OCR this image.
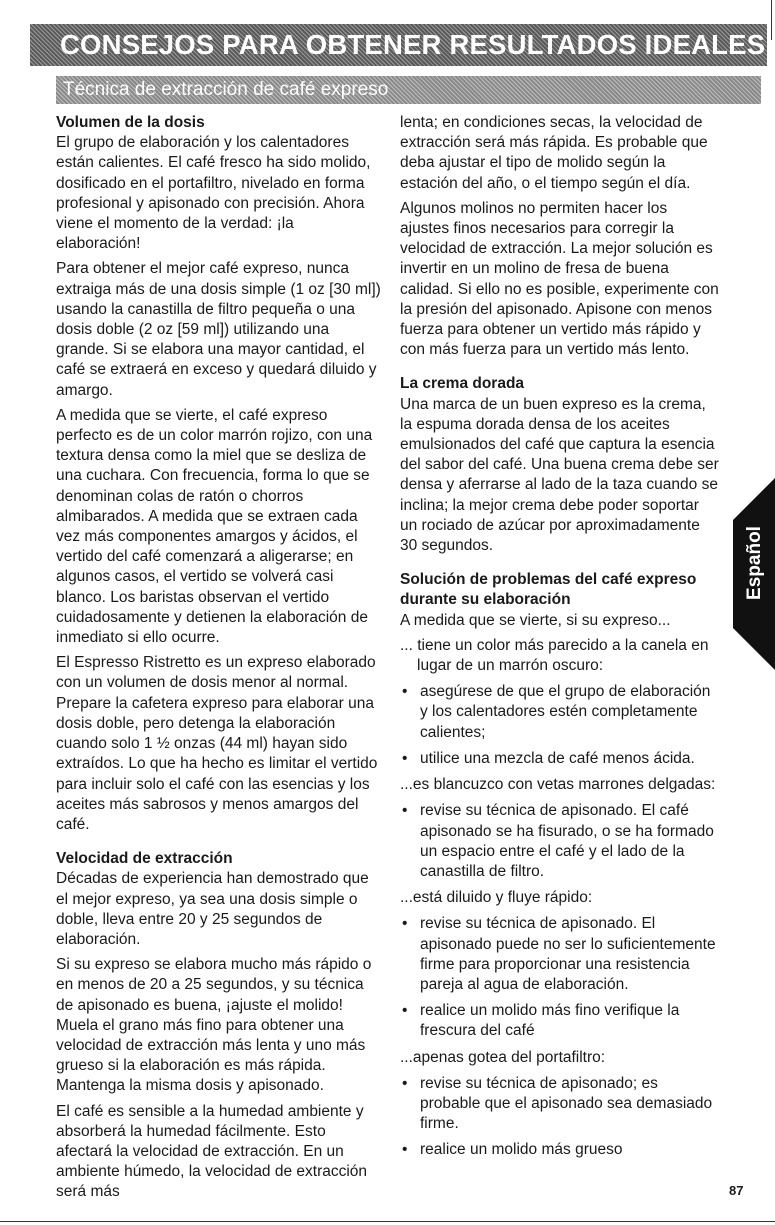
CONSEJOS PARA OBTENER RESULTADOS IDEALES
Técnica de extracción de café expreso
Volumen de la dosis

El grupo de elaboración y los calentadores están calientes. El café fresco ha sido molido, dosificado en el portafiltro, nivelado en forma profesional y apisonado con precisión. Ahora viene el momento de la verdad: ¡la elaboración!

Para obtener el mejor café expreso, nunca extraiga más de una dosis simple (1 oz [30 ml]) usando la canastilla de filtro pequeña o una dosis doble (2 oz [59 ml]) utilizando una grande. Si se elabora una mayor cantidad, el café se extraerá en exceso y quedará diluido y amargo.

A medida que se vierte, el café expreso perfecto es de un color marrón rojizo, con una textura densa como la miel que se desliza de una cuchara. Con frecuencia, forma lo que se denominan colas de ratón o chorros almibarados. A medida que se extraen cada vez más componentes amargos y ácidos, el vertido del café comenzará a aligerarse; en algunos casos, el vertido se volverá casi blanco. Los baristas observan el vertido cuidadosamente y detienen la elaboración de inmediato si ello ocurre.

El Espresso Ristretto es un expreso elaborado con un volumen de dosis menor al normal. Prepare la cafetera expreso para elaborar una dosis doble, pero detenga la elaboración cuando solo 1 ½ onzas (44 ml) hayan sido extraídos. Lo que ha hecho es limitar el vertido para incluir solo el café con las esencias y los aceites más sabrosos y menos amargos del café.

Velocidad de extracción

Décadas de experiencia han demostrado que el mejor expreso, ya sea una dosis simple o doble, lleva entre 20 y 25 segundos de elaboración.

Si su expreso se elabora mucho más rápido o en menos de 20 a 25 segundos, y su técnica de apisonado es buena, ¡ajuste el molido! Muela el grano más fino para obtener una velocidad de extracción más lenta y uno más grueso si la elaboración es más rápida. Mantenga la misma dosis y apisonado.

El café es sensible a la humedad ambiente y absorberá la humedad fácilmente. Esto afectará la velocidad de extracción. En un ambiente húmedo, la velocidad de extracción será más

lenta; en condiciones secas, la velocidad de extracción será más rápida. Es probable que deba ajustar el tipo de molido según la estación del año, o el tiempo según el día.

Algunos molinos no permiten hacer los ajustes finos necesarios para corregir la velocidad de extracción. La mejor solución es invertir en un molino de fresa de buena calidad. Si ello no es posible, experimente con la presión del apisonado. Apisone con menos fuerza para obtener un vertido más rápido y con más fuerza para un vertido más lento.

La crema dorada

Una marca de un buen expreso es la crema, la espuma dorada densa de los aceites emulsionados del café que captura la esencia del sabor del café. Una buena crema debe ser densa y aferrarse al lado de la taza cuando se inclina; la mejor crema debe poder soportar un rociado de azúcar por aproximadamente 30 segundos.

Solución de problemas del café expreso durante su elaboración

A medida que se vierte, si su expreso...

... tiene un color más parecido a la canela en lugar de un marrón oscuro:

• asegúrese de que el grupo de elaboración y los calentadores estén completamente calientes;
• utilice una mezcla de café menos ácida.

...es blancuzco con vetas marrones delgadas:

• revise su técnica de apisonado. El café apisonado se ha fisurado, o se ha formado un espacio entre el café y el lado de la canastilla de filtro.

...está diluido y fluye rápido:

• revise su técnica de apisonado. El apisonado puede no ser lo suficientemente firme para proporcionar una resistencia pareja al agua de elaboración.
• realice un molido más fino verifique la frescura del café

...apenas gotea del portafiltro:

• revise su técnica de apisonado; es probable que el apisonado sea demasiado firme.
• realice un molido más grueso
Español
87
